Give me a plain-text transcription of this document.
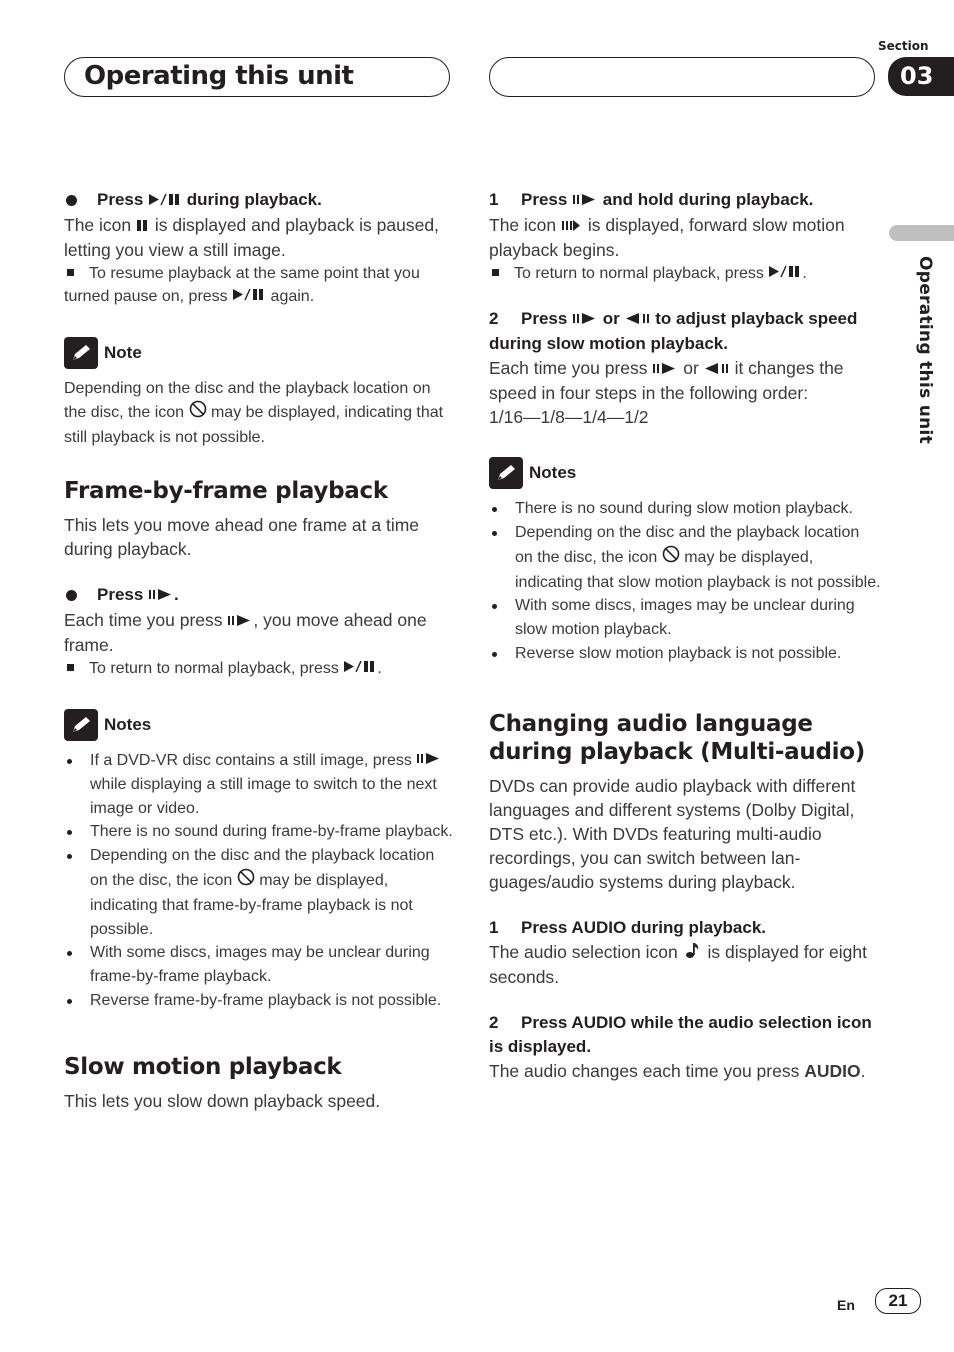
Operating this unit
Section
03
Operating this unit

Press  during playback.

The icon  is displayed and playback is paused, letting you view a still image.

To resume playback at the same point that you turned pause on, press  again.

Note

Depending on the disc and the playback location on the disc, the icon  may be displayed, indicating that still playback is not possible.

Frame-by-frame playback

This lets you move ahead one frame at a time during playback.

Press .

Each time you press , you move ahead one frame.

To return to normal playback, press .

Notes
If a DVD-VR disc contains a still image, press  while displaying a still image to switch to the next image or video.
There is no sound during frame-by-frame playback.
Depending on the disc and the playback location on the disc, the icon  may be displayed, indicating that frame-by-frame playback is not possible.
With some discs, images may be unclear during frame-by-frame playback.
Reverse frame-by-frame playback is not possible.
Slow motion playback

This lets you slow down playback speed.

1 Press  and hold during playback.

The icon  is displayed, forward slow motion playback begins.

To return to normal playback, press .

2 Press  or  to adjust playback speed during slow motion playback.

Each time you press  or  it changes the speed in four steps in the following order:

1/16—1/8—1/4—1/2

Notes
There is no sound during slow motion playback.
Depending on the disc and the playback location on the disc, the icon  may be displayed, indicating that slow motion playback is not possible.
With some discs, images may be unclear during slow motion playback.
Reverse slow motion playback is not possible.
Changing audio language during playback (Multi-audio)

DVDs can provide audio playback with different languages and different systems (Dolby Digital, DTS etc.). With DVDs featuring multi-audio recordings, you can switch between languages/audio systems during playback.

1 Press AUDIO during playback.

The audio selection icon  is displayed for eight seconds.

2 Press AUDIO while the audio selection icon is displayed.

The audio changes each time you press AUDIO.

En	21
